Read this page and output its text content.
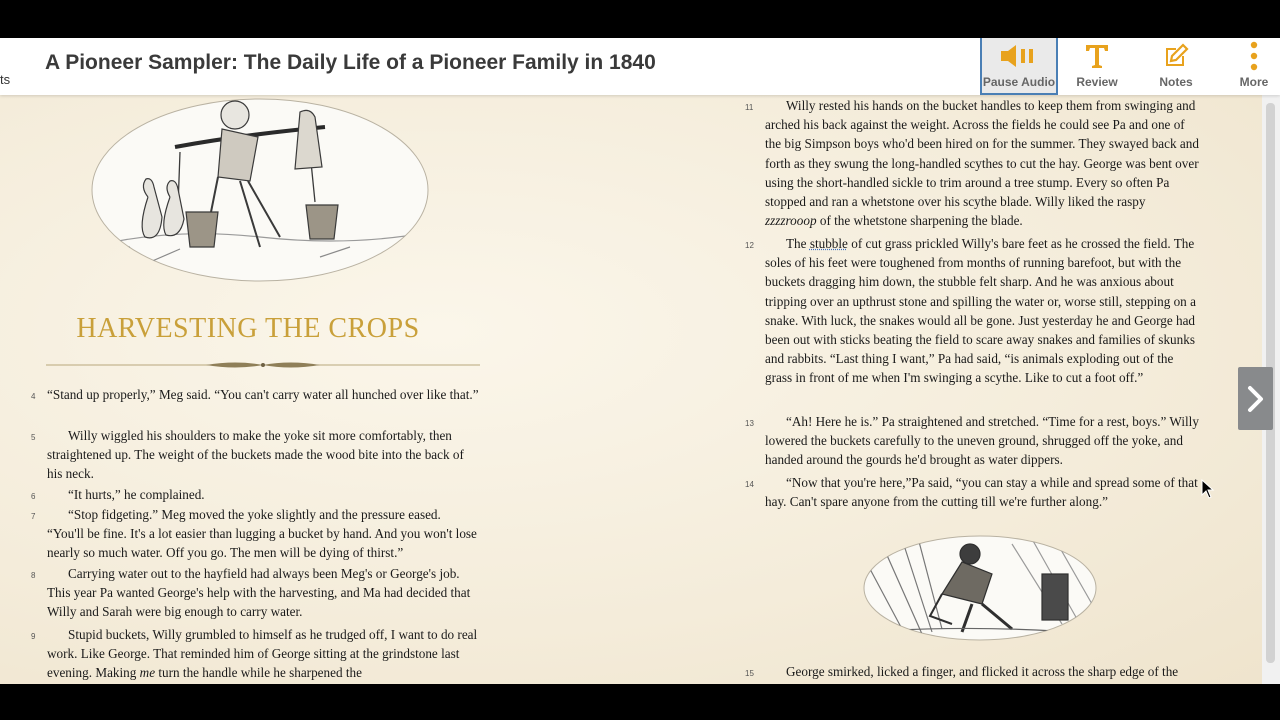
ts
A Pioneer Sampler: The Daily Life of a Pioneer Family in 1840
Pause Audio	Review	Notes	More
HARVESTING THE CROPS
4 “Stand up properly,” Meg said. “You can't carry water all hunched over like that.”
5	Willy wiggled his shoulders to make the yoke sit more comfortably, then straightened up. The weight of the buckets made the wood bite into the back of his neck.
6	“It hurts,” he complained.
7	“Stop fidgeting.” Meg moved the yoke slightly and the pressure eased. “You'll be fine. It's a lot easier than lugging a bucket by hand. And you won't lose nearly so much water. Off you go. The men will be dying of thirst.”
8	Carrying water out to the hayfield had always been Meg's or George's job. This year Pa wanted George's help with the harvesting, and Ma had decided that Willy and Sarah were big enough to carry water.
9	Stupid buckets, Willy grumbled to himself as he trudged off, I want to do real work. Like George. That reminded him of George sitting at the grindstone last evening. Making me turn the handle while he sharpened the
11	Willy rested his hands on the bucket handles to keep them from swinging and arched his back against the weight. Across the fields he could see Pa and one of the big Simpson boys who'd been hired on for the summer. They swayed back and forth as they swung the long-handled scythes to cut the hay. George was bent over using the short-handled sickle to trim around a tree stump. Every so often Pa stopped and ran a whetstone over his scythe blade. Willy liked the raspy zzzzrooop of the whetstone sharpening the blade.
12	The stubble of cut grass prickled Willy's bare feet as he crossed the field. The soles of his feet were toughened from months of running barefoot, but with the buckets dragging him down, the stubble felt sharp. And he was anxious about tripping over an upthrust stone and spilling the water or, worse still, stepping on a snake. With luck, the snakes would all be gone. Just yesterday he and George had been out with sticks beating the field to scare away snakes and families of skunks and rabbits. “Last thing I want,” Pa had said, “is animals exploding out of the grass in front of me when I'm swinging a scythe. Like to cut a foot off.”
13	“Ah! Here he is.” Pa straightened and stretched. “Time for a rest, boys.” Willy lowered the buckets carefully to the uneven ground, shrugged off the yoke, and handed around the gourds he'd brought as water dippers.
14	“Now that you're here,”Pa said, “you can stay a while and spread some of that hay. Can't spare anyone from the cutting till we're further along.”
15	George smirked, licked a finger, and flicked it across the sharp edge of the
